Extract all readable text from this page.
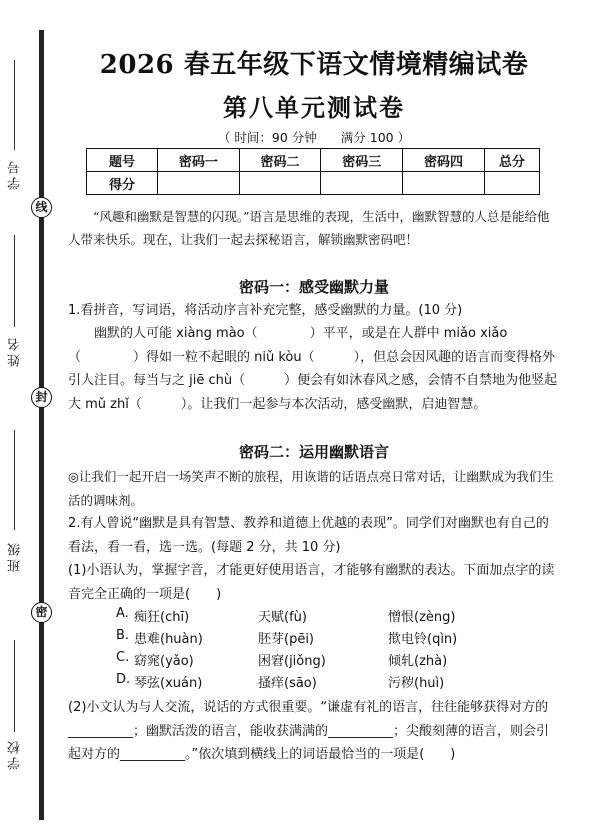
线
封
密
学号
姓名
班级
学校
2026 春五年级下语文情境精编试卷
第八单元测试卷
（ 时间：90 分钟 满分 100 ）
题号	密码一	密码二	密码三	密码四	总分
得分					
“风趣和幽默是智慧的闪现。”语言是思维的表现，生活中，幽默智慧的人总是能给他人带来快乐。现在，让我们一起去探秘语言，解锁幽默密码吧！
密码一：感受幽默力量
1.看拼音，写词语，将活动序言补充完整，感受幽默的力量。(10 分)
幽默的人可能 xiàng mào（　　　　）平平，或是在人群中 miǎo xiǎo（　　　　）得如一粒不起眼的 niǔ kòu（　　　），但总会因风趣的语言而变得格外引人注目。每当与之 jiē chù（　　　）便会有如沐春风之感，会情不自禁地为他竖起大 mǔ zhǐ（　　　）。让我们一起参与本次活动，感受幽默，启迪智慧。
密码二：运用幽默语言
◎让我们一起开启一场笑声不断的旅程，用诙谐的话语点亮日常对话，让幽默成为我们生活的调味剂。
2.有人曾说“幽默是具有智慧、教养和道德上优越的表现”。同学们对幽默也有自己的看法，看一看，选一选。(每题 2 分，共 10 分)
(1)小语认为，掌握字音，才能更好使用语言，才能够有幽默的表达。下面加点字的读音完全正确的一项是(　　)
A. 痴狂(chī)	天赋(fù)	憎恨(zèng)
B. 患难(huàn)	胚芽(pēi)	揿电铃(qìn)
C. 窈窕(yǎo)	困窘(jiǒng)	倾轧(zhà)
D. 琴弦(xuán)	搔痒(sāo)	污秽(huì)
(2)小文认为与人交流，说话的方式很重要。“谦虚有礼的语言，往往能够获得对方的__________；幽默活泼的语言，能收获满满的__________；尖酸刻薄的语言，则会引起对方的__________。”依次填到横线上的词语最恰当的一项是(　　)
